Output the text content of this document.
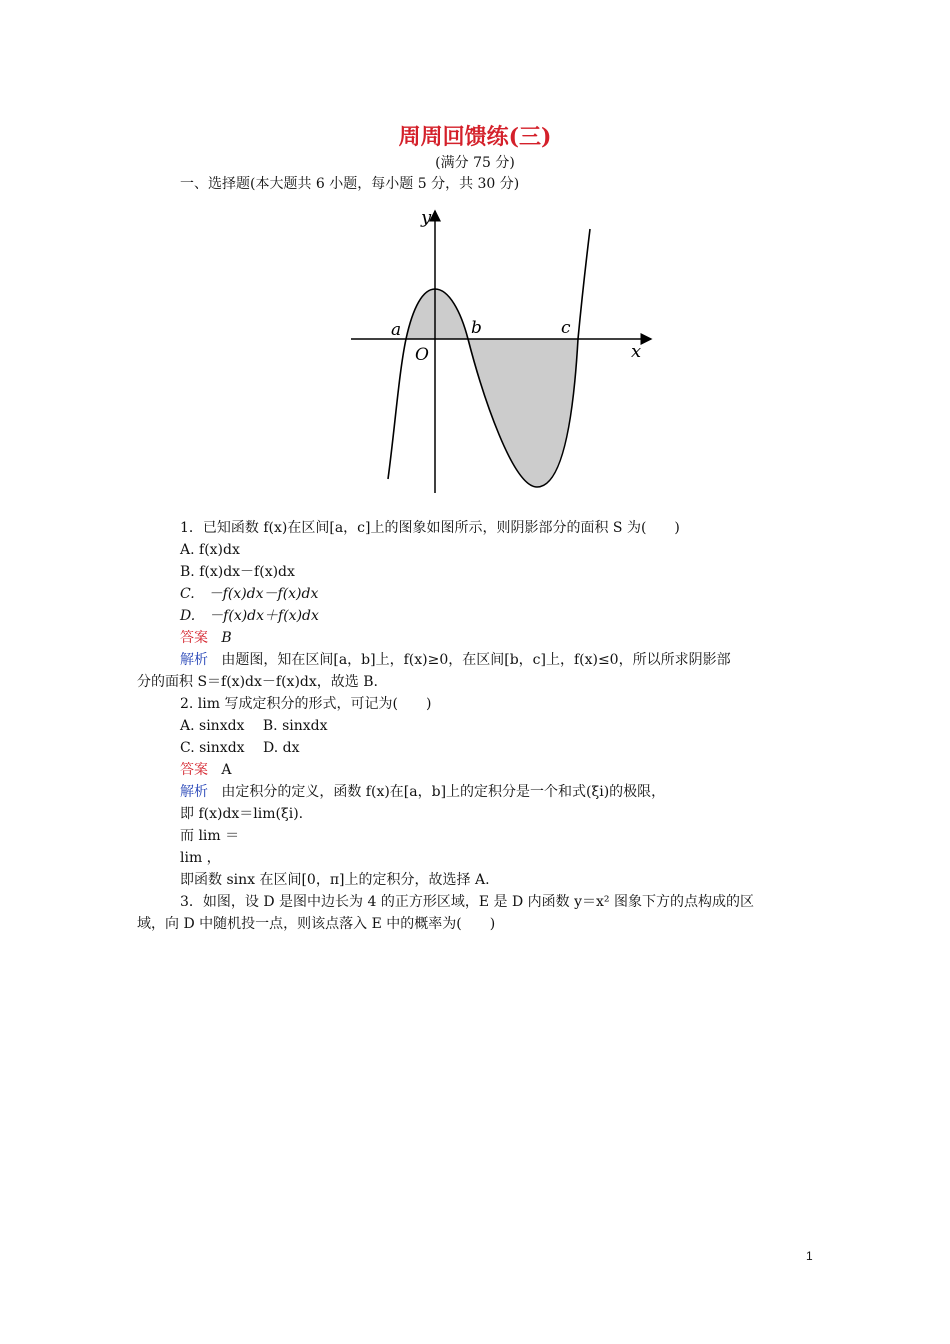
周周回馈练(三)
(满分 75 分)
一、选择题(本大题共 6 小题，每小题 5 分，共 30 分)
y
x
O
a	b	c
1．已知函数 f(x)在区间[a，c]上的图象如图所示，则阴影部分的面积 S 为(　　)
A. f(x)dx
B. f(x)dx－f(x)dx
C.　－f(x)dx－f(x)dx
D.　－f(x)dx＋f(x)dx
答案 B
解析 由题图，知在区间[a，b]上，f(x)≥0，在区间[b，c]上，f(x)≤0，所以所求阴影部
分的面积 S＝f(x)dx－f(x)dx，故选 B.
2. lim 写成定积分的形式，可记为(　　)
A. sinxdx　 B. sinxdx
C. sinxdx　 D. dx
答案 A
解析 由定积分的定义，函数 f(x)在[a，b]上的定积分是一个和式(ξi)的极限，
即 f(x)dx＝lim(ξi).
而 lim ＝
lim ，
即函数 sinx 在区间[0，π]上的定积分，故选择 A.
3．如图，设 D 是图中边长为 4 的正方形区域，E 是 D 内函数 y＝x² 图象下方的点构成的区
域，向 D 中随机投一点，则该点落入 E 中的概率为(　　)
1
